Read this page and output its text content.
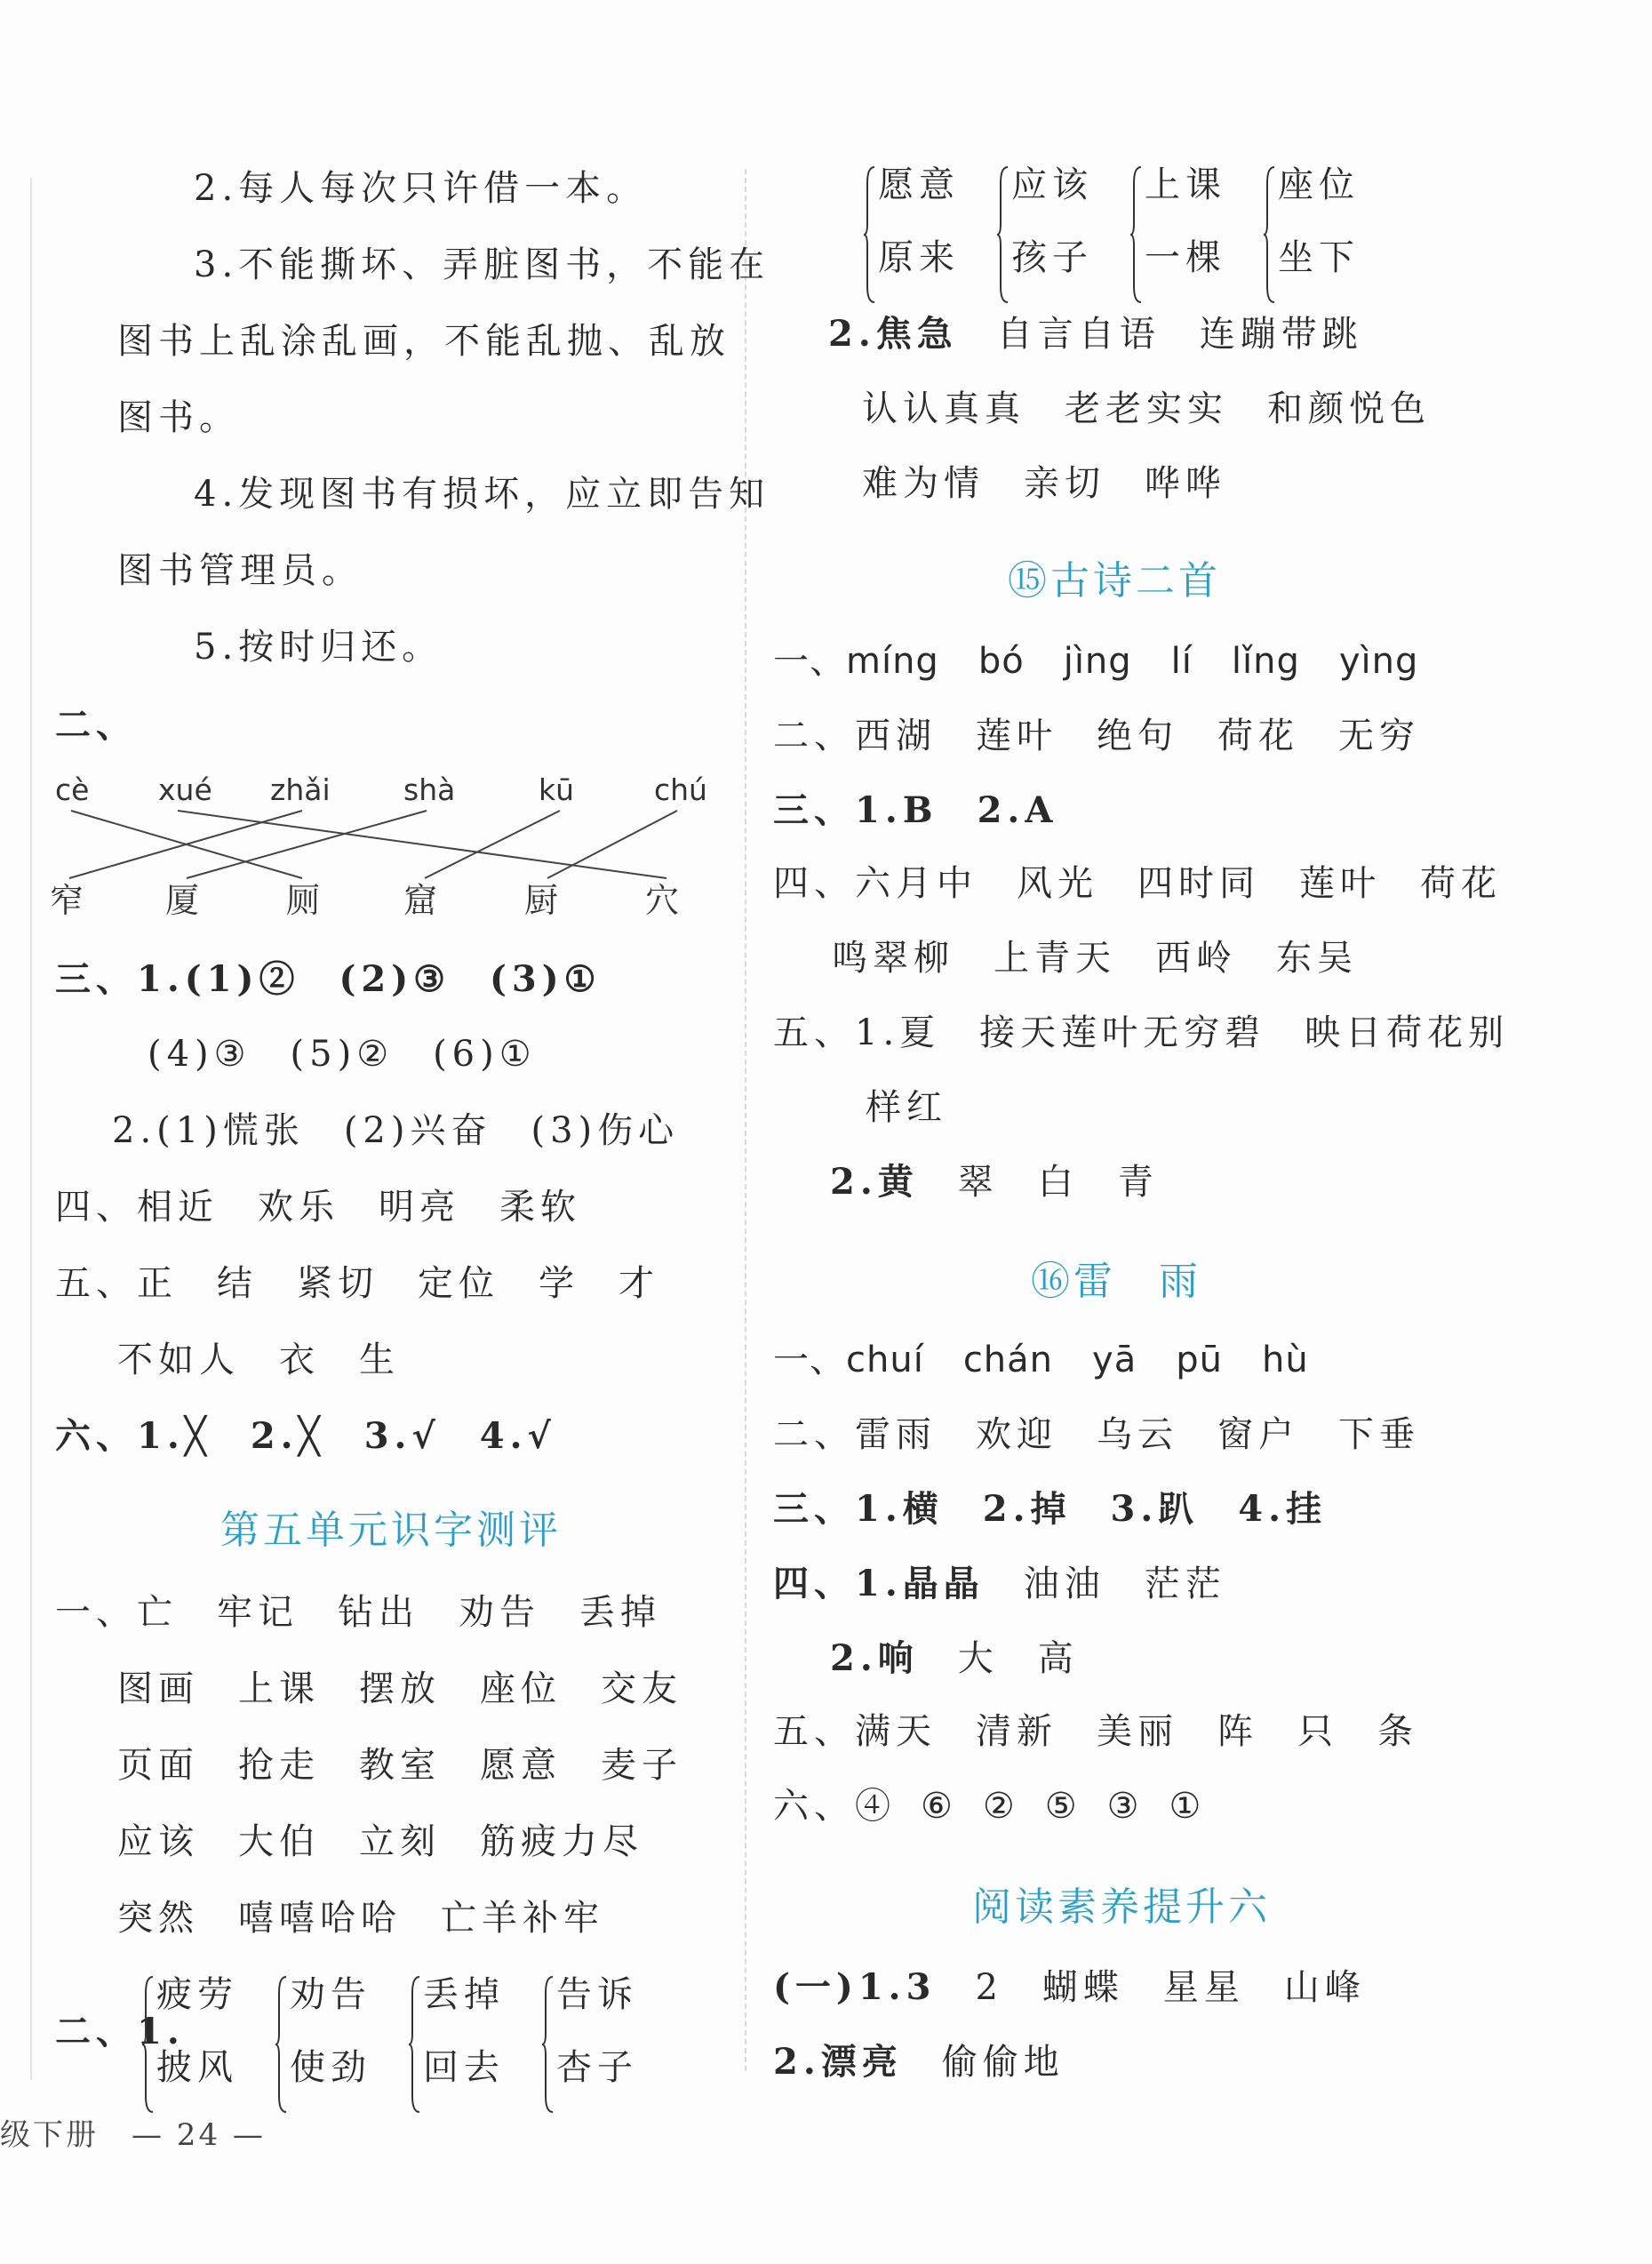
2.每人每次只许借一本。
3.不能撕坏、弄脏图书，不能在
图书上乱涂乱画，不能乱抛、乱放
图书。
4.发现图书有损坏，应立即告知
图书管理员。
5.按时归还。
二、
cè xué zhǎi shà	kū	chú
窄 厦	厕 窟	厨	穴
三、1.(1)② (2)③ (3)①
(4)③ (5)② (6)①
2.(1)慌张 (2)兴奋 (3)伤心
四、相近 欢乐 明亮 柔软
五、正 结 紧切 定位 学 才
不如人 衣 生
六、1.╳ 2.╳ 3.√ 4.√
第五单元识字测评
一、亡 牢记 钻出 劝告 丢掉
图画 上课 摆放 座位 交友
页面 抢走 教室 愿意 麦子
应该 大伯 立刻 筋疲力尽
突然 嘻嘻哈哈 亡羊补牢
二、1.
疲劳
披风
劝告
使劲
丢掉
回去
告诉
杏子
级下册　— 24 —
愿意
原来
应该
孩子
上课
一棵
座位
坐下
2.焦急 自言自语 连蹦带跳
认认真真 老老实实 和颜悦色
难为情 亲切 哗哗
⑮古诗二首
一、míng bó jìng lí lǐng yìng
二、西湖 莲叶 绝句 荷花 无穷
三、1.B 2.A
四、六月中 风光 四时同 莲叶 荷花
鸣翠柳 上青天 西岭 东吴
五、1.夏 接天莲叶无穷碧 映日荷花别
样红
2.黄 翠 白 青
⑯雷　雨
一、chuí chán yā pū hù
二、雷雨 欢迎 乌云 窗户 下垂
三、1.横 2.掉 3.趴 4.挂
四、1.晶晶 油油 茫茫
2.响 大 高
五、满天 清新 美丽 阵 只 条
六、④ ⑥ ② ⑤ ③ ①
阅读素养提升六
(一)1.3 2 蝴蝶 星星 山峰
2.漂亮 偷偷地
